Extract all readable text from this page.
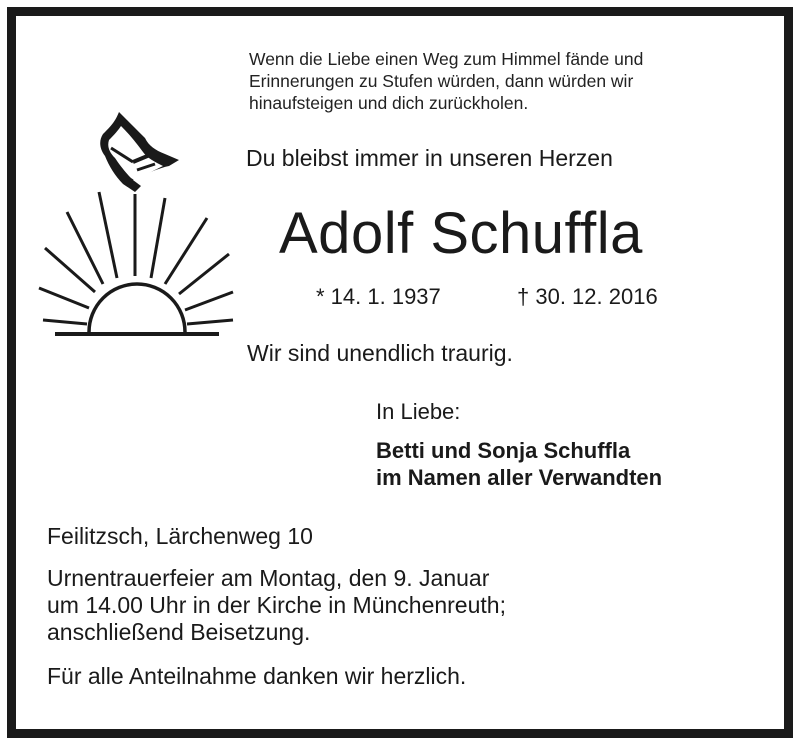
Wenn die Liebe einen Weg zum Himmel fände und
Erinnerungen zu Stufen würden, dann würden wir
hinaufsteigen und dich zurückholen.
Du bleibst immer in unseren Herzen
Adolf Schuffla
* 14. 1. 1937	† 30. 12. 2016
Wir sind unendlich traurig.
In Liebe:
Betti und Sonja Schuffla
im Namen aller Verwandten
Feilitzsch, Lärchenweg 10
Urnentrauerfeier am Montag, den 9. Januar
um 14.00 Uhr in der Kirche in Münchenreuth;
anschließend Beisetzung.
Für alle Anteilnahme danken wir herzlich.
